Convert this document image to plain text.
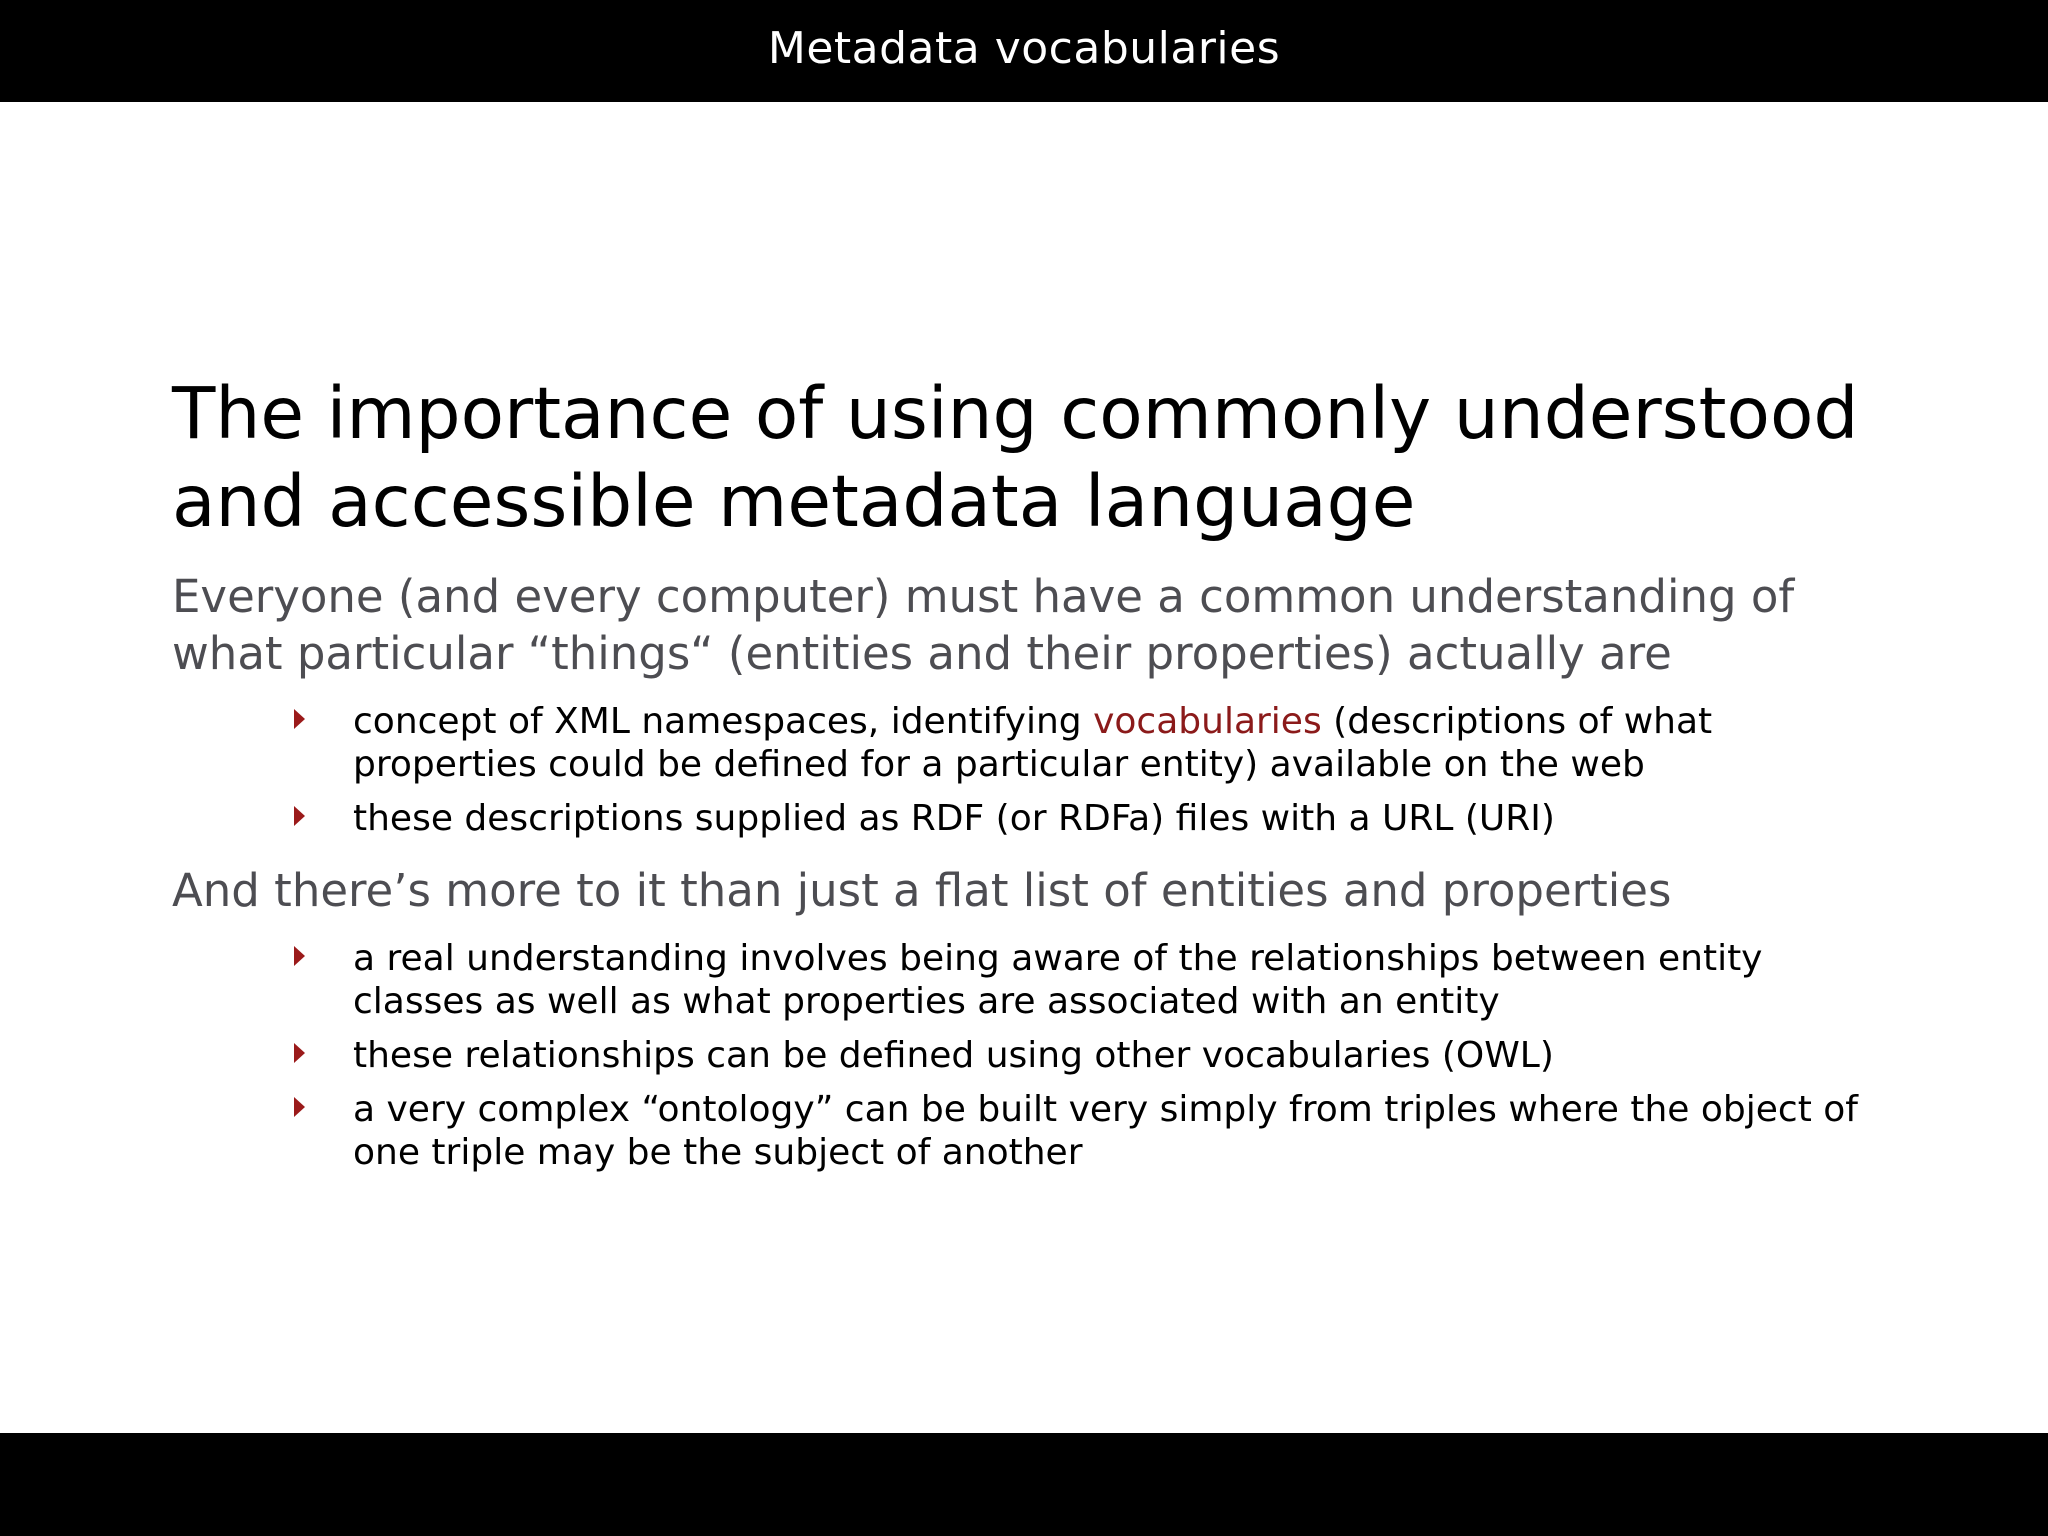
Metadata vocabularies
The importance of using commonly understood and accessible metadata language

Everyone (and every computer) must have a common understanding of what particular “things“ (entities and their properties) actually are

concept of XML namespaces, identifying vocabularies (descriptions of what properties could be defined for a particular entity) available on the web
these descriptions supplied as RDF (or RDFa) files with a URL (URI)

And there’s more to it than just a flat list of entities and properties

a real understanding involves being aware of the relationships between entity classes as well as what properties are associated with an entity
these relationships can be defined using other vocabularies (OWL)
a very complex “ontology” can be built very simply from triples where the object of one triple may be the subject of another
